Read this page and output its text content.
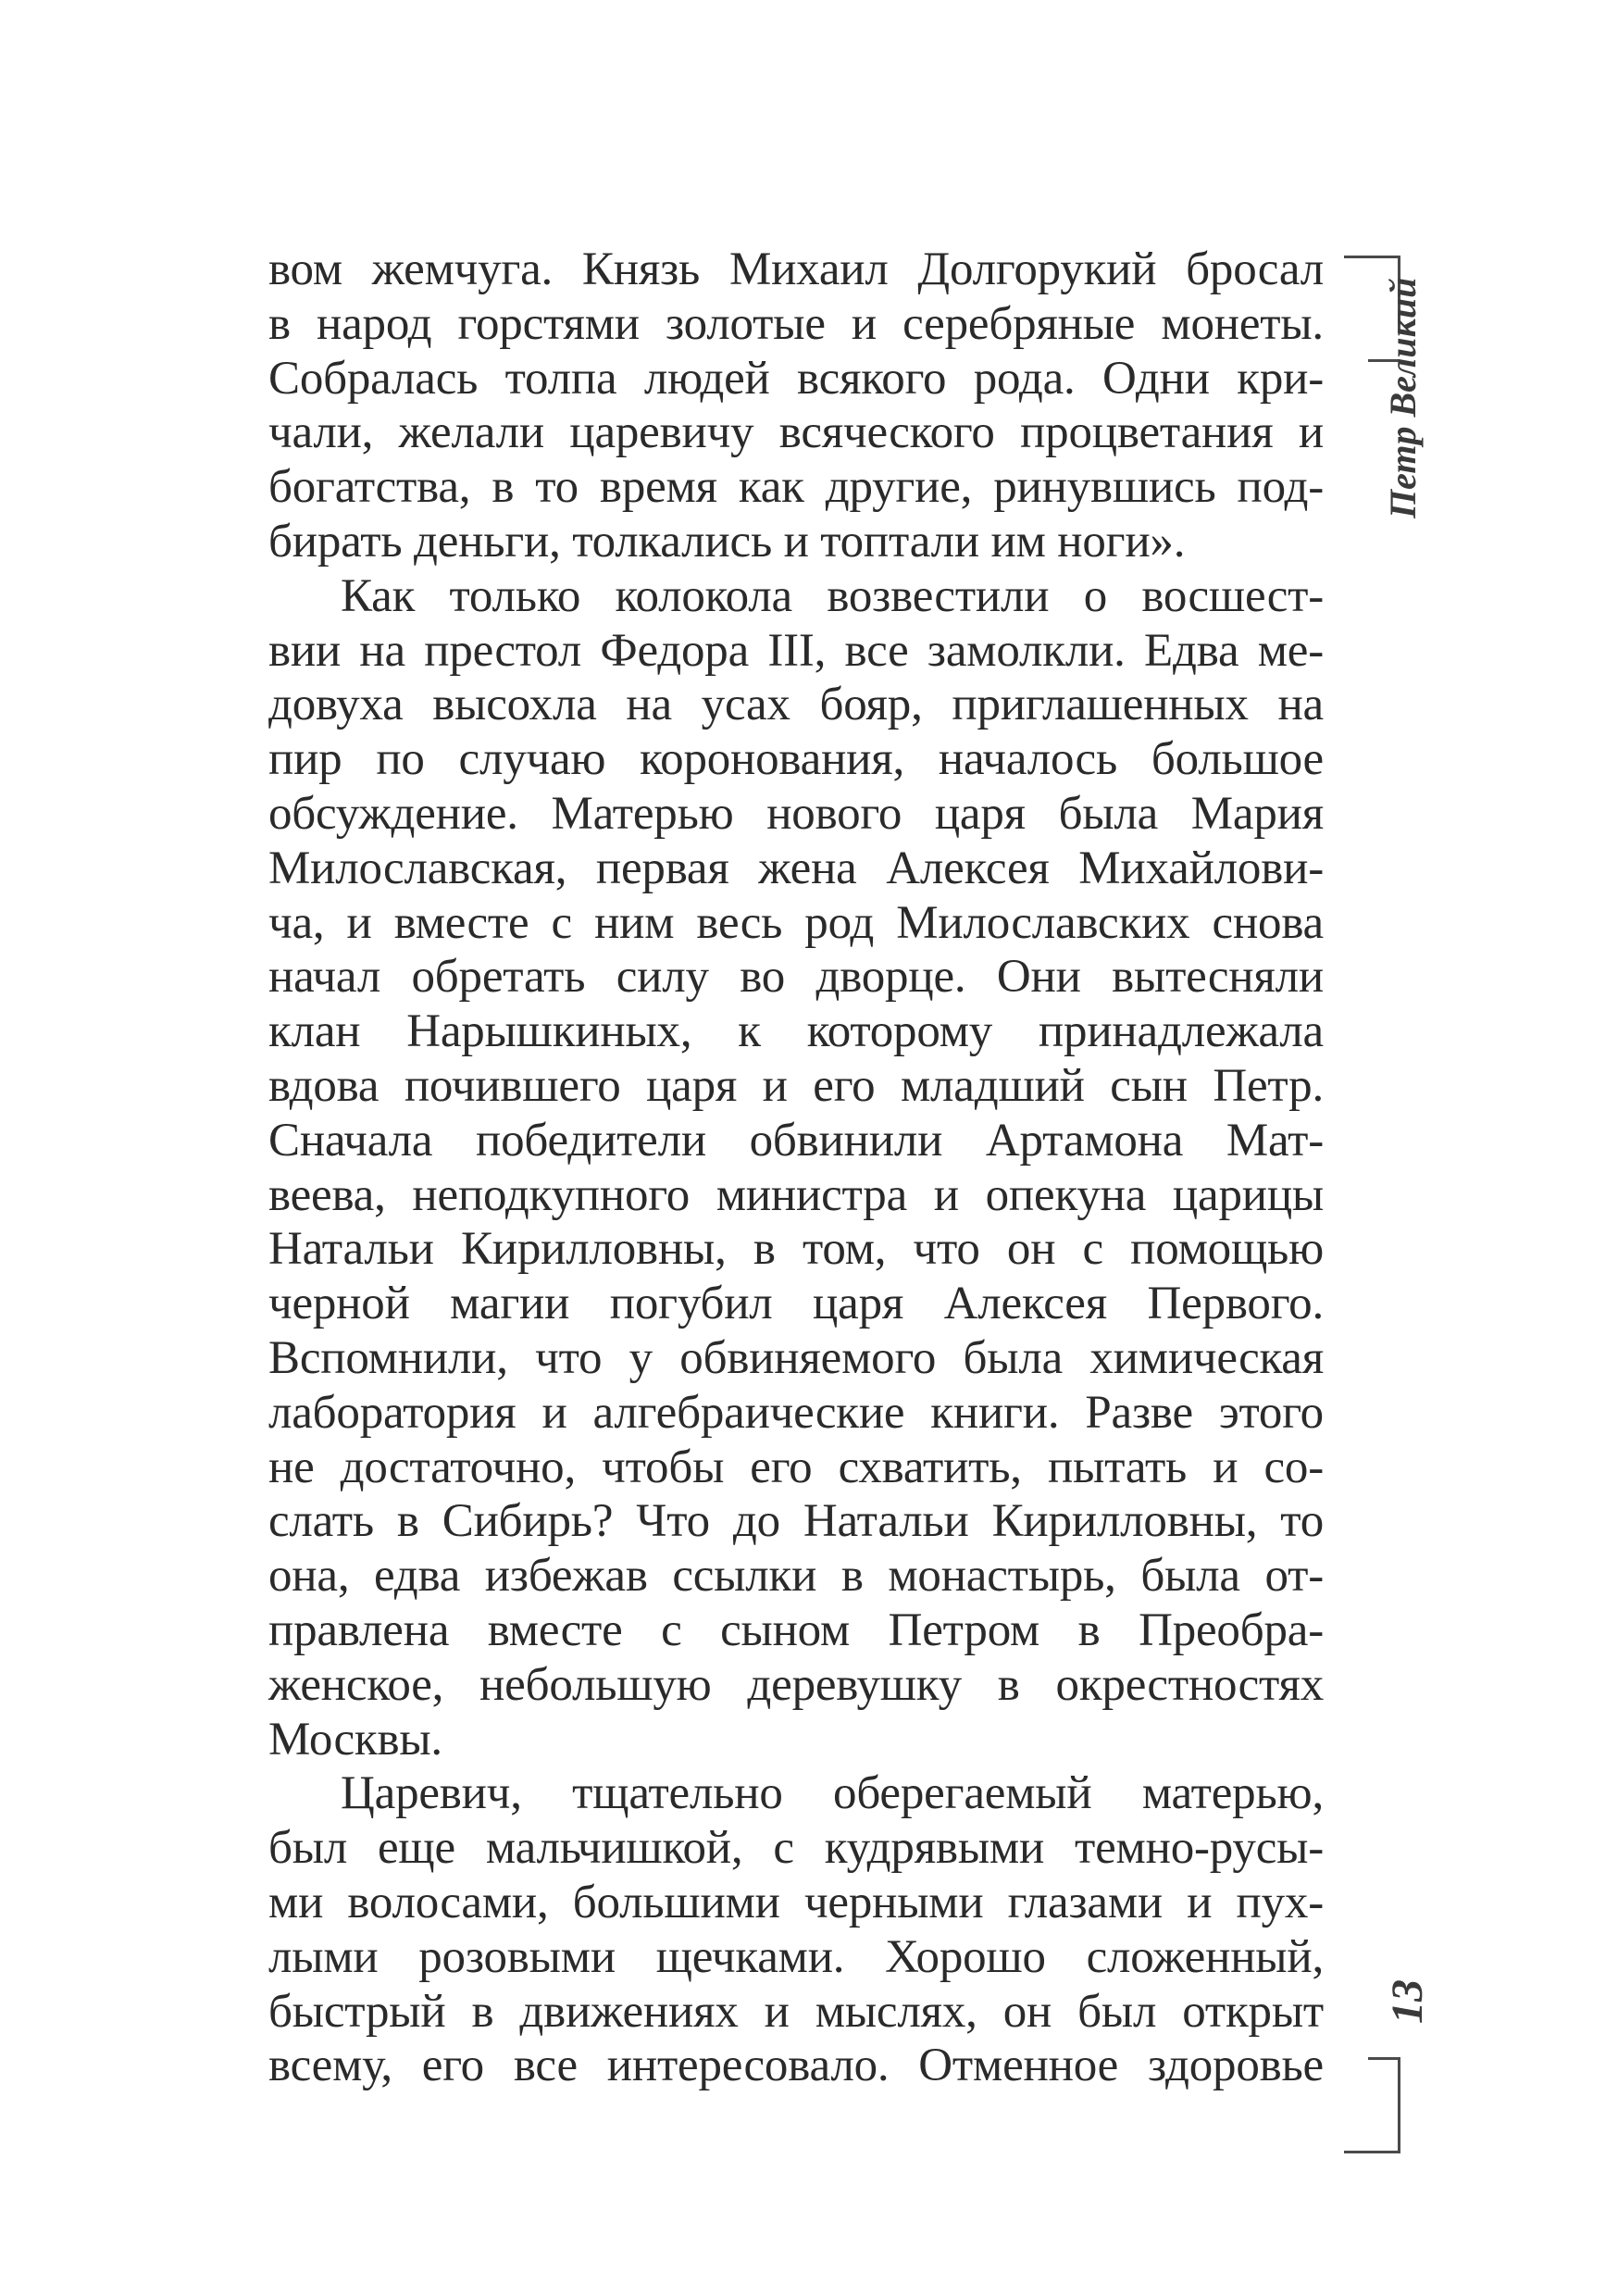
вом жемчуга. Князь Михаил Долгорукий бросал
в народ горстями золотые и серебряные монеты.
Собралась толпа людей всякого рода. Одни кри-
чали, желали царевичу всяческого процветания и
богатства, в то время как другие, ринувшись под-
бирать деньги, толкались и топтали им ноги».
Как только колокола возвестили о восшест-
вии на престол Федора III, все замолкли. Едва ме-
довуха высохла на усах бояр, приглашенных на
пир по случаю коронования, началось большое
обсуждение. Матерью нового царя была Мария
Милославская, первая жена Алексея Михайлови-
ча, и вместе с ним весь род Милославских снова
начал обретать силу во дворце. Они вытесняли
клан Нарышкиных, к которому принадлежала
вдова почившего царя и его младший сын Петр.
Сначала победители обвинили Артамона Мат-
веева, неподкупного министра и опекуна царицы
Натальи Кирилловны, в том, что он с помощью
черной магии погубил царя Алексея Первого.
Вспомнили, что у обвиняемого была химическая
лаборатория и алгебраические книги. Разве этого
не достаточно, чтобы его схватить, пытать и со-
слать в Сибирь? Что до Натальи Кирилловны, то
она, едва избежав ссылки в монастырь, была от-
правлена вместе с сыном Петром в Преобра-
женское, небольшую деревушку в окрестностях
Москвы.
Царевич, тщательно оберегаемый матерью,
был еще мальчишкой, с кудрявыми темно-русы-
ми волосами, большими черными глазами и пух-
лыми розовыми щечками. Хорошо сложенный,
быстрый в движениях и мыслях, он был открыт
всему, его все интересовало. Отменное здоровье
Петр Великий
13
